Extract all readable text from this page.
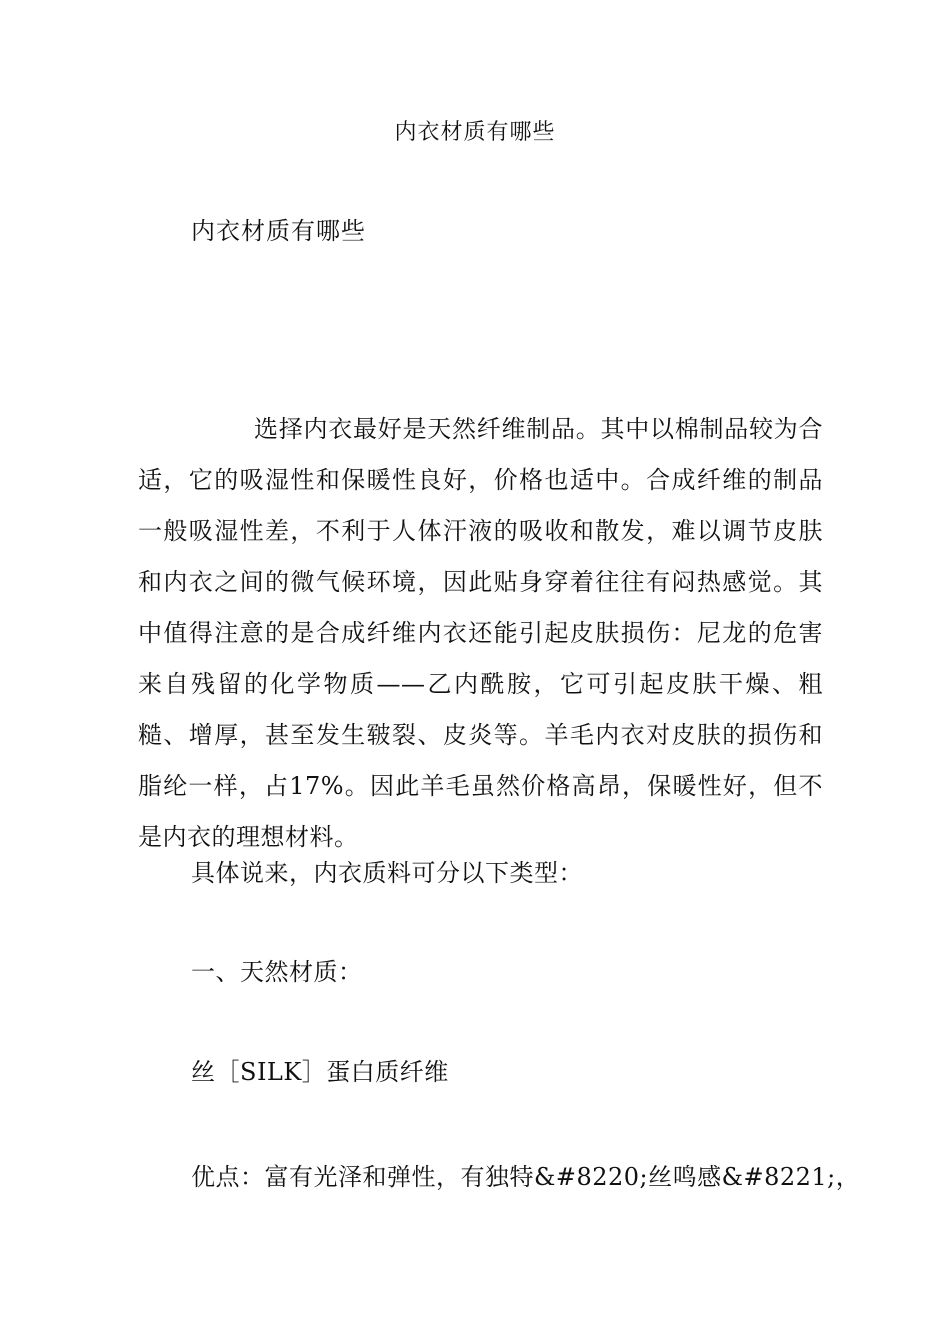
内衣材质有哪些
内衣材质有哪些
选择内衣最好是天然纤维制品。其中以棉制品较为合适，它的吸湿性和保暖性良好，价格也适中。合成纤维的制品一般吸湿性差，不利于人体汗液的吸收和散发，难以调节皮肤和内衣之间的微气候环境，因此贴身穿着往往有闷热感觉。其中值得注意的是合成纤维内衣还能引起皮肤损伤：尼龙的危害来自残留的化学物质——乙内酰胺，它可引起皮肤干燥、粗糙、增厚，甚至发生皲裂、皮炎等。羊毛内衣对皮肤的损伤和脂纶一样，占17%。因此羊毛虽然价格高昂，保暖性好，但不是内衣的理想材料。
具体说来，内衣质料可分以下类型：
一、天然材质：
丝［SILK］蛋白质纤维
优点：富有光泽和弹性，有独特&#8220;丝鸣感&#8221;，
